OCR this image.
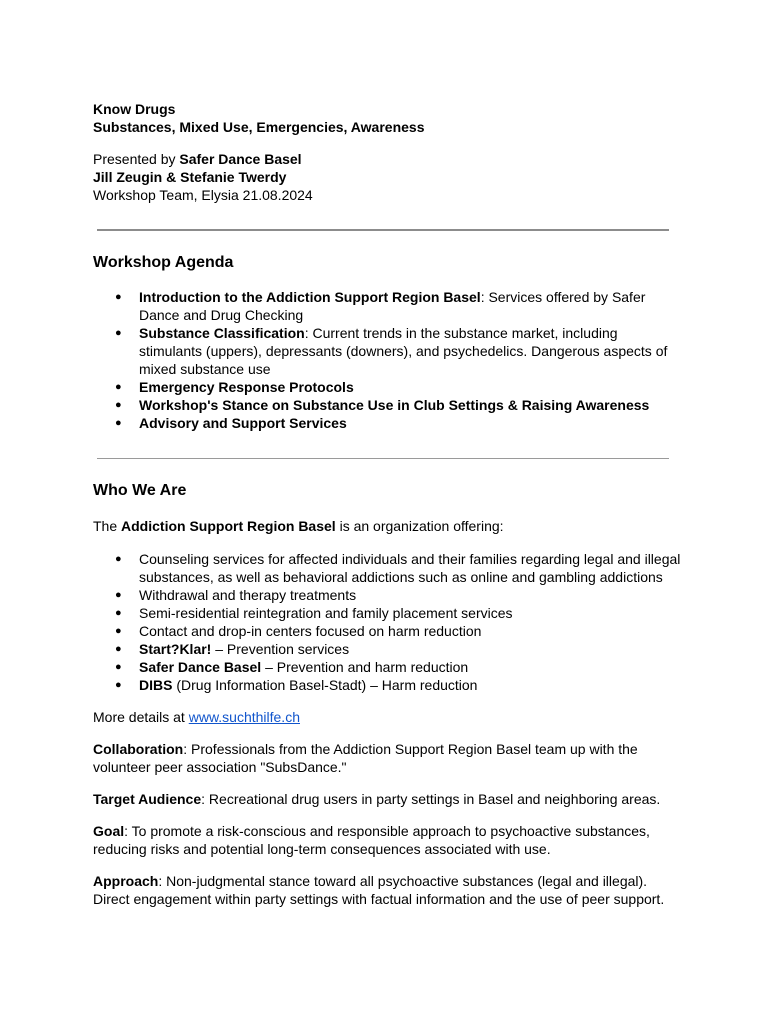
Know Drugs
Substances, Mixed Use, Emergencies, Awareness
Presented by Safer Dance Basel
Jill Zeugin & Stefanie Twerdy
Workshop Team, Elysia 21.08.2024
Workshop Agenda
● Introduction to the Addiction Support Region Basel: Services offered by Safer Dance and Drug Checking
● Substance Classification: Current trends in the substance market, including stimulants (uppers), depressants (downers), and psychedelics. Dangerous aspects of mixed substance use
● Emergency Response Protocols
● Workshop's Stance on Substance Use in Club Settings & Raising Awareness
● Advisory and Support Services
Who We Are

The Addiction Support Region Basel is an organization offering:

● Counseling services for affected individuals and their families regarding legal and illegal substances, as well as behavioral addictions such as online and gambling addictions
● Withdrawal and therapy treatments
● Semi-residential reintegration and family placement services
● Contact and drop-in centers focused on harm reduction
● Start?Klar! – Prevention services
● Safer Dance Basel – Prevention and harm reduction
● DIBS (Drug Information Basel-Stadt) – Harm reduction

More details at www.suchthilfe.ch

Collaboration: Professionals from the Addiction Support Region Basel team up with the volunteer peer association "SubsDance."

Target Audience: Recreational drug users in party settings in Basel and neighboring areas.

Goal: To promote a risk-conscious and responsible approach to psychoactive substances, reducing risks and potential long-term consequences associated with use.

Approach: Non-judgmental stance toward all psychoactive substances (legal and illegal). Direct engagement within party settings with factual information and the use of peer support.
